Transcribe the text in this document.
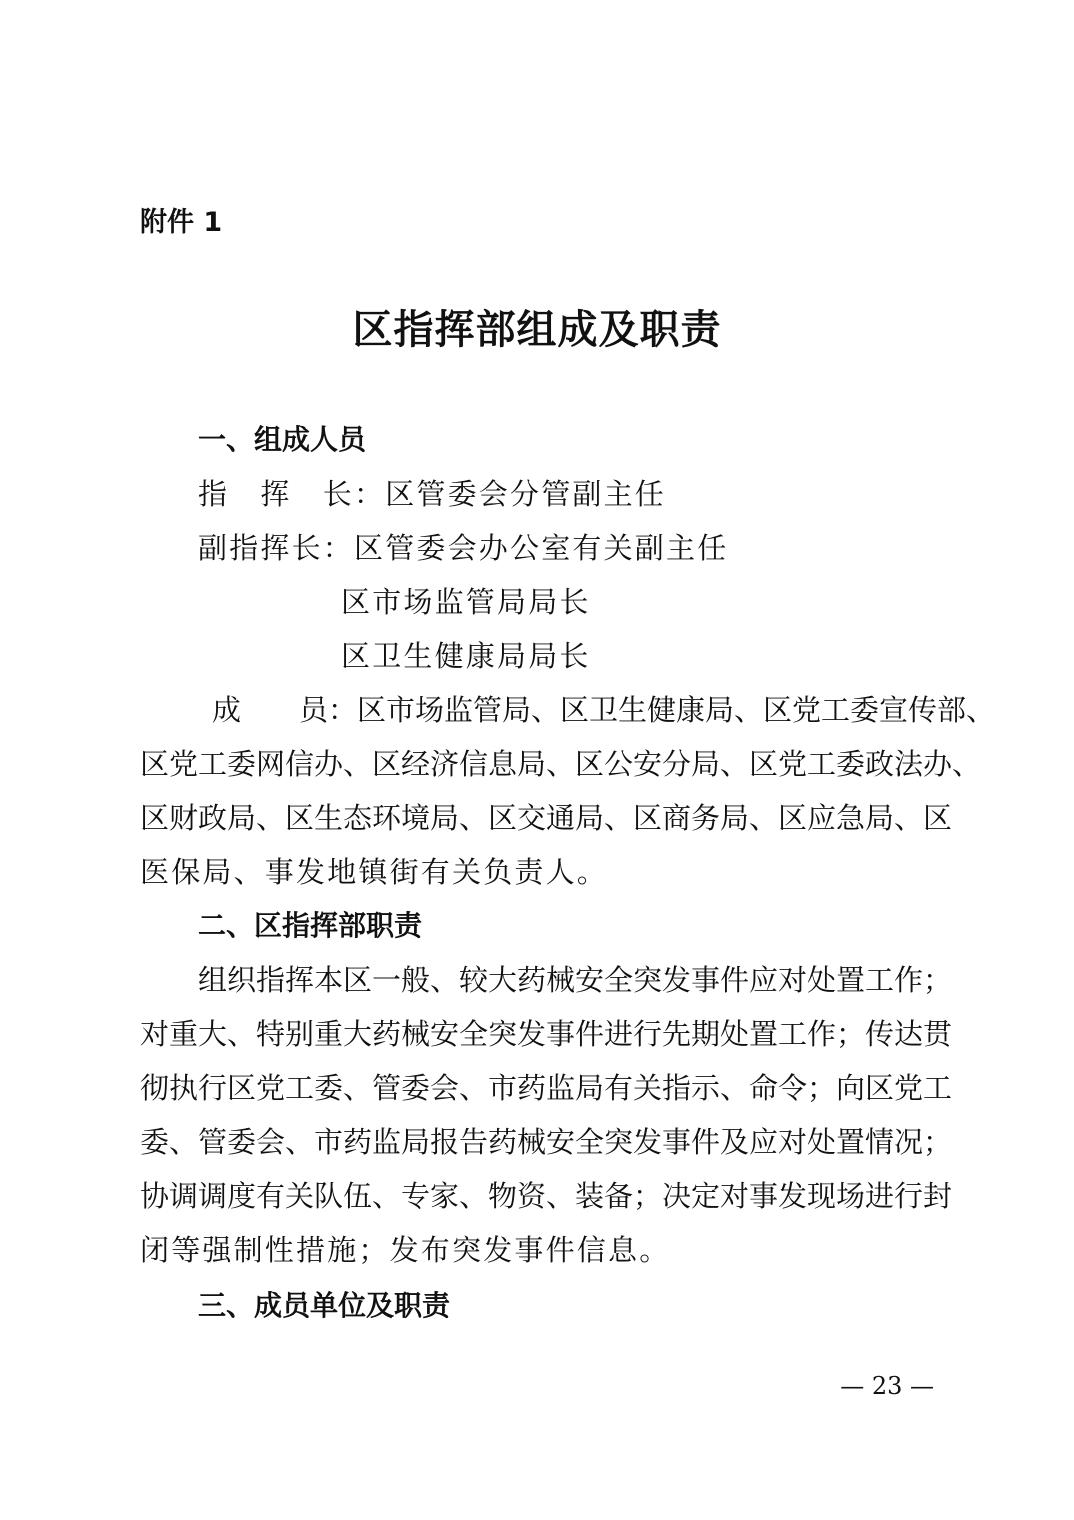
附件 1
区指挥部组成及职责
一、组成人员
指　挥　长：区管委会分管副主任
副指挥长：区管委会办公室有关副主任
区市场监管局局长
区卫生健康局局长
成　　员：区市场监管局、区卫生健康局、区党工委宣传部、
区党工委网信办、区经济信息局、区公安分局、区党工委政法办、
区财政局、区生态环境局、区交通局、区商务局、区应急局、区
医保局、事发地镇街有关负责人。
二、区指挥部职责
组织指挥本区一般、较大药械安全突发事件应对处置工作；
对重大、特别重大药械安全突发事件进行先期处置工作；传达贯
彻执行区党工委、管委会、市药监局有关指示、命令；向区党工
委、管委会、市药监局报告药械安全突发事件及应对处置情况；
协调调度有关队伍、专家、物资、装备；决定对事发现场进行封
闭等强制性措施；发布突发事件信息。
三、成员单位及职责
— 23 —
